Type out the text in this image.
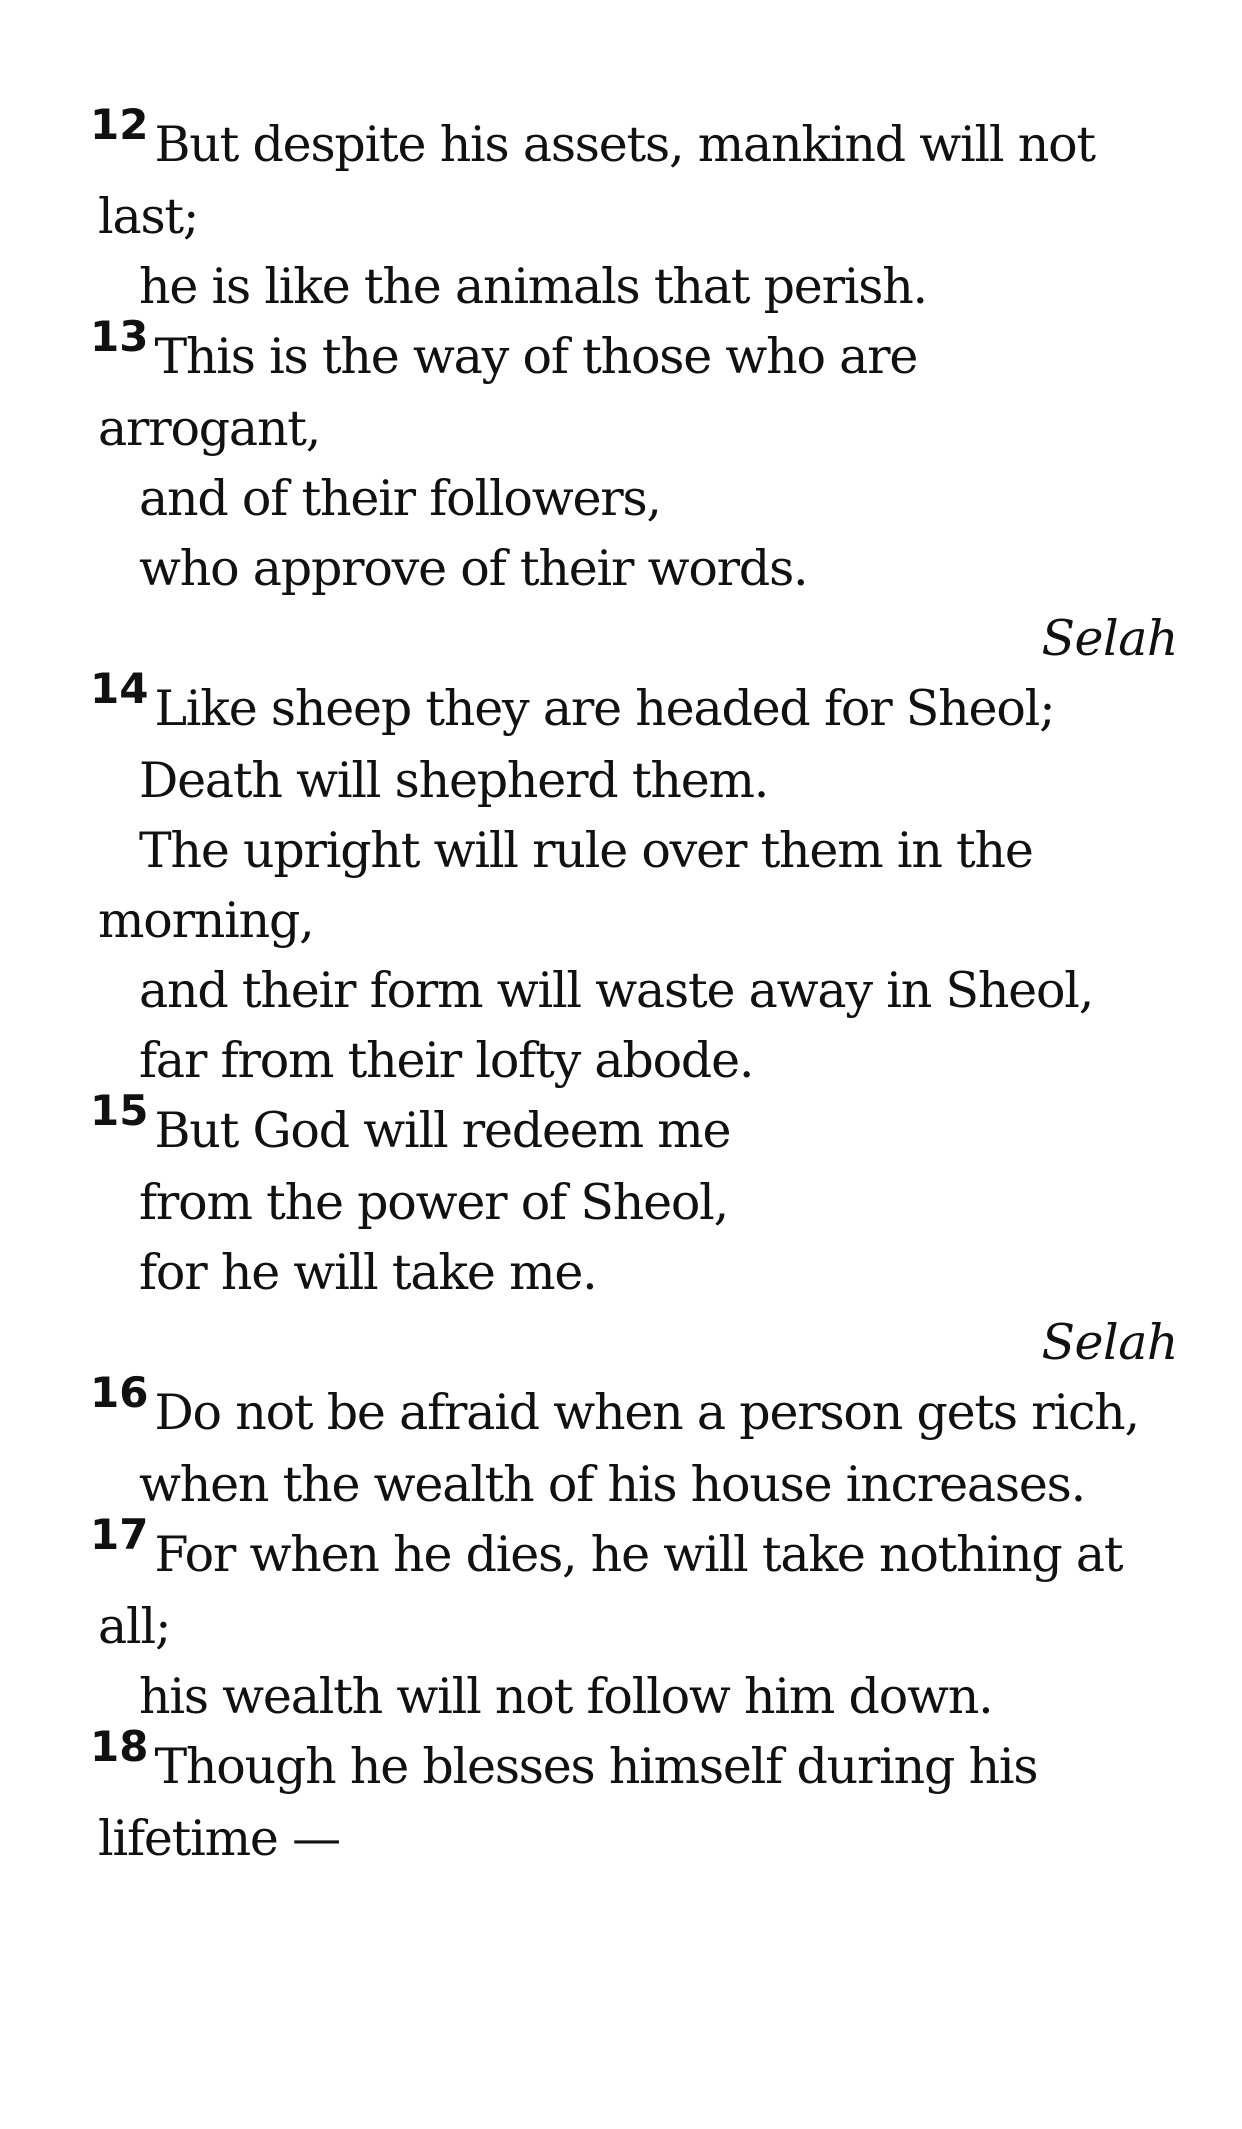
12 But despite his assets, mankind will not
last;
he is like the animals that perish.
13 This is the way of those who are
arrogant,
and of their followers,
who approve of their words.
Selah
14 Like sheep they are headed for Sheol;
Death will shepherd them.
The upright will rule over them in the
morning,
and their form will waste away in Sheol,
far from their lofty abode.
15 But God will redeem me
from the power of Sheol,
for he will take me.
Selah
16 Do not be afraid when a person gets rich,
when the wealth of his house increases.
17 For when he dies, he will take nothing at
all;
his wealth will not follow him down.
18 Though he blesses himself during his
lifetime —
